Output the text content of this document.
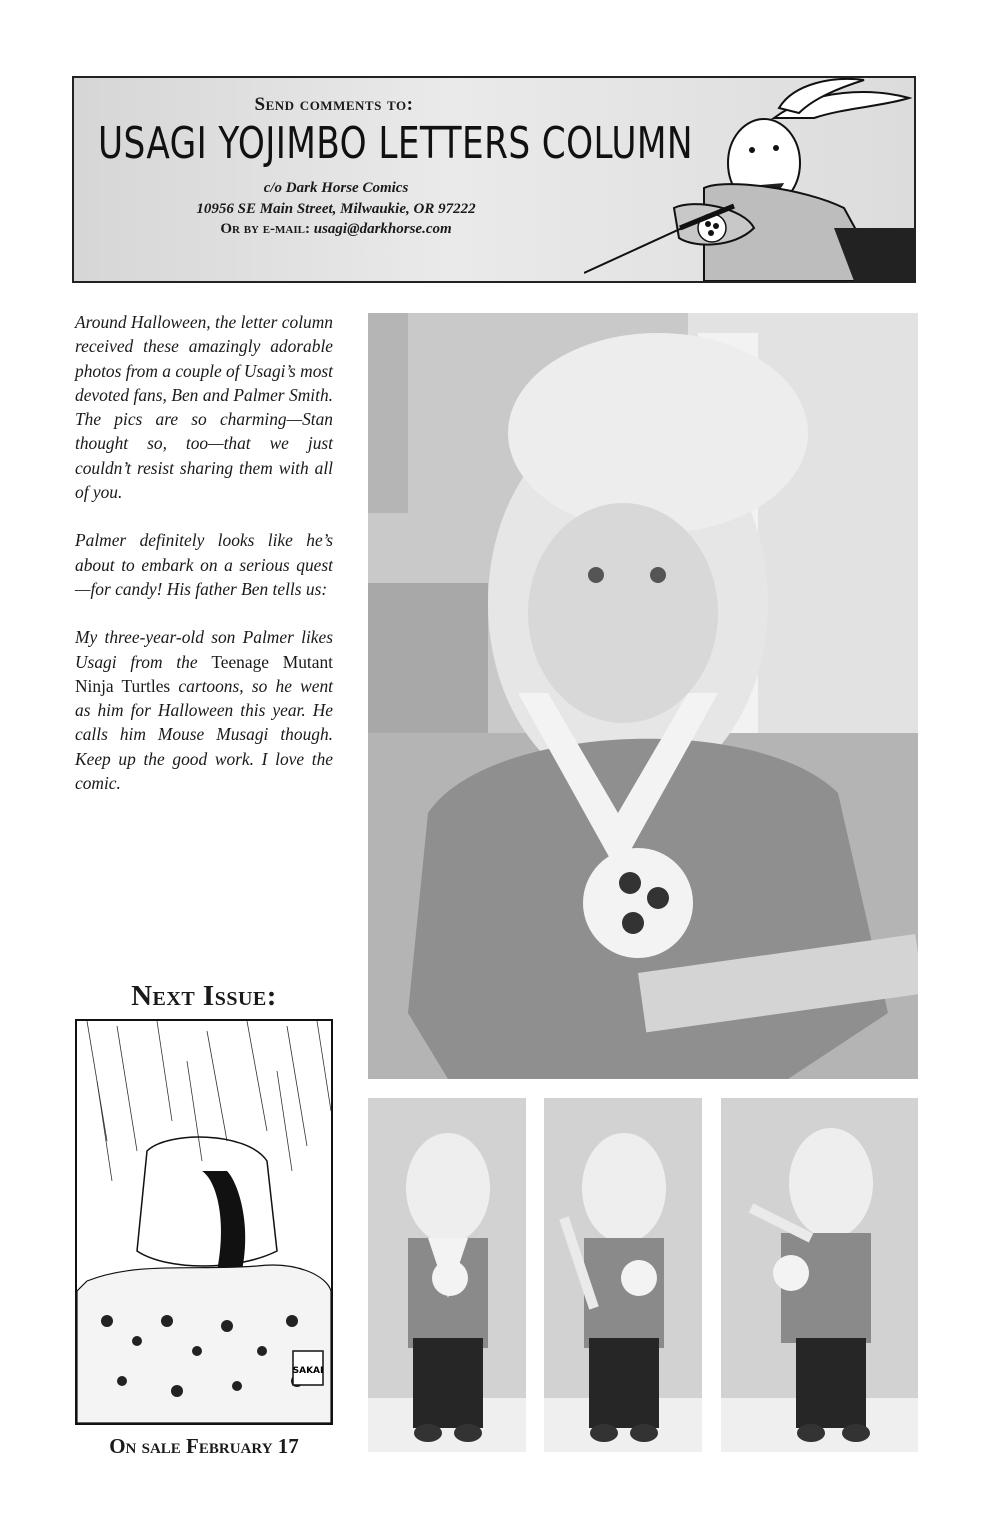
Send comments to:
USAGI YOJIMBO LETTERS COLUMN
c/o Dark Horse Comics
10956 SE Main Street, Milwaukie, OR 97222
Or by e-mail: usagi@darkhorse.com

Around Halloween, the letter column received these amazingly adorable photos from a couple of Usagi’s most devoted fans, Ben and Palmer Smith. The pics are so charming—Stan thought so, too—that we just couldn’t resist sharing them with all of you.

Palmer definitely looks like he’s about to embark on a serious quest—for candy! His father Ben tells us:

My three-year-old son Palmer likes Usagi from the Teenage Mutant Ninja Turtles cartoons, so he went as him for Halloween this year. He calls him Mouse Musagi though. Keep up the good work. I love the comic.

Next Issue:
SAKAI
On sale February 17
